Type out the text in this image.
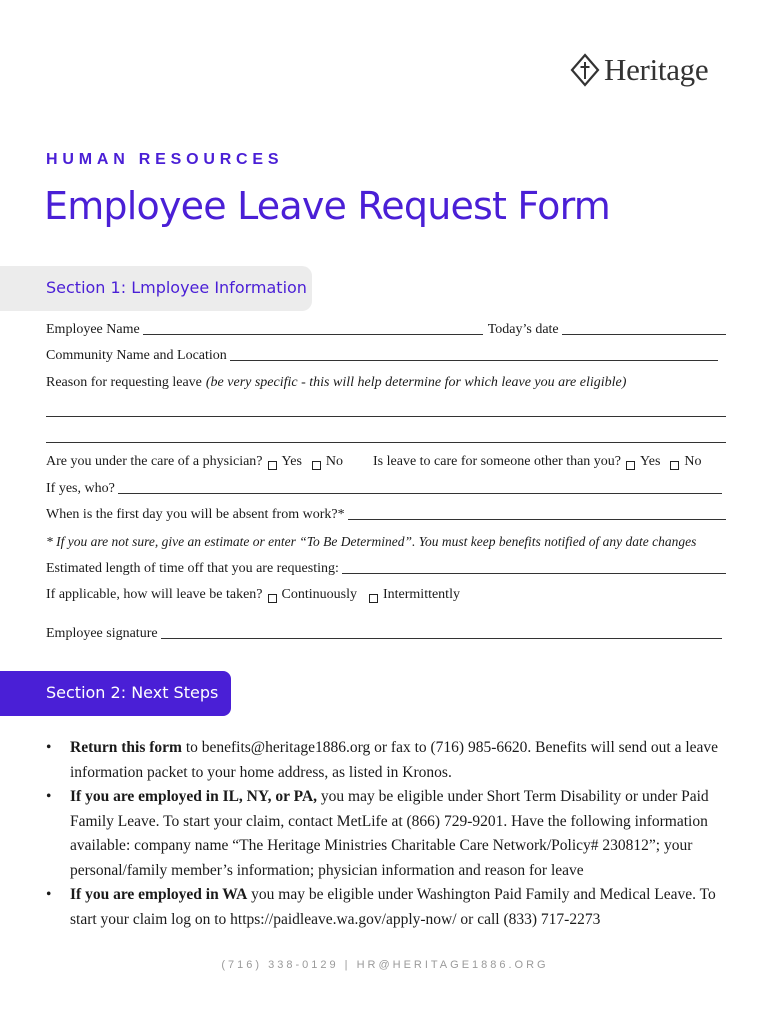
Heritage
HUMAN RESOURCES
Employee Leave Request Form
Section 1: Lmployee Information
Employee Name	Today’s date
Community Name and Location
Reason for requesting leave (be very specific - this will help determine for which leave you are eligible)
Are you under the care of a physician? Yes No Is leave to care for someone other than you? Yes No
If yes, who?
When is the first day you will be absent from work?*
* If you are not sure, give an estimate or enter “To Be Determined”. You must keep benefits notified of any date changes
Estimated length of time off that you are requesting:
If applicable, how will leave be taken? Continuously Intermittently
Employee signature
Section 2: Next Steps
• Return this form to benefits@heritage1886.org or fax to (716) 985-6620. Benefits will send out a leave information packet to your home address, as listed in Kronos.
• If you are employed in IL, NY, or PA, you may be eligible under Short Term Disability or under Paid Family Leave. To start your claim, contact MetLife at (866) 729-9201. Have the following information available: company name “The Heritage Ministries Charitable Care Network/Policy# 230812”; your personal/family member’s information; physician information and reason for leave
• If you are employed in WA you may be eligible under Washington Paid Family and Medical Leave. To start your claim log on to https://paidleave.wa.gov/apply-now/ or call (833) 717-2273
(716) 338-0129 | HR@HERITAGE1886.ORG
